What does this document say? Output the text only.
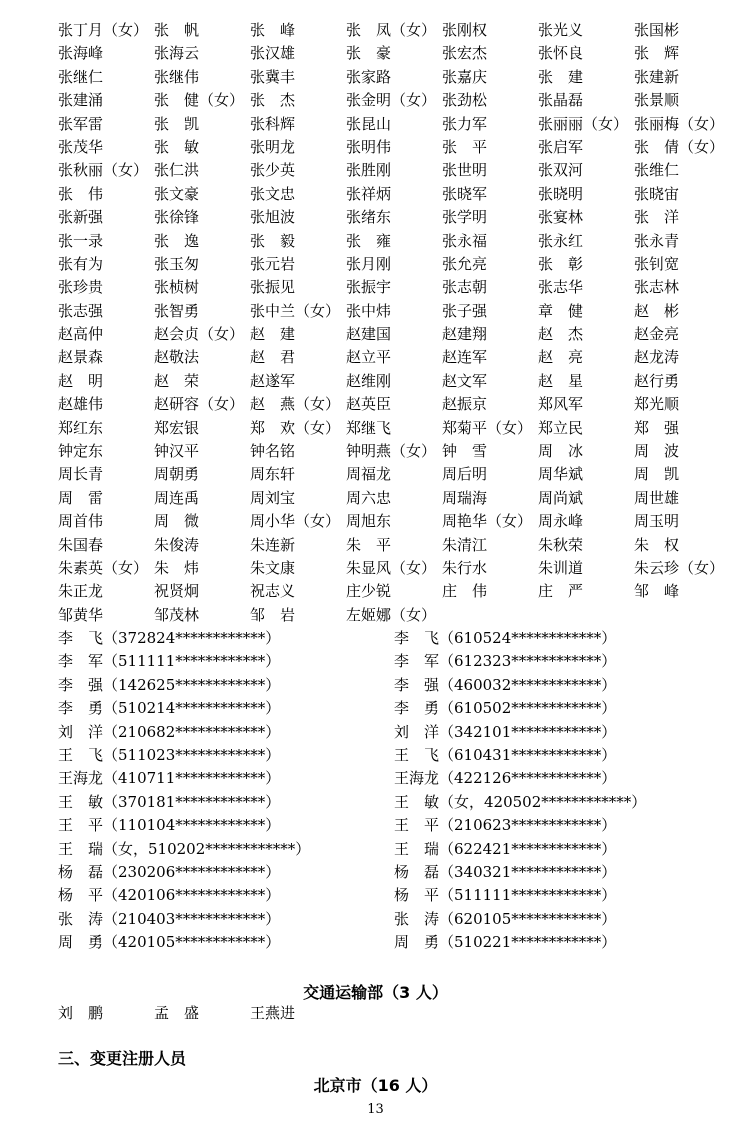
张丁月（女） 张　帆	张　峰	张　凤（女） 张刚权	张光义	张国彬
张海峰	张海云	张汉雄	张　豪	张宏杰	张怀良	张　辉
张继仁	张继伟	张冀丰	张家路	张嘉庆	张　建	张建新
张建涌	张　健（女） 张　杰	张金明（女） 张劲松	张晶磊	张景顺
张军雷	张　凯	张科辉	张昆山	张力军	张丽丽（女） 张丽梅（女）
张茂华	张　敏	张明龙	张明伟	张　平	张启军	张　倩（女）
张秋丽（女） 张仁洪	张少英	张胜刚	张世明	张双河	张维仁
张　伟	张文豪	张文忠	张祥炳	张晓军	张晓明	张晓宙
张新强	张徐锋	张旭波	张绪东	张学明	张宴林	张　洋
张一录	张　逸	张　毅	张　雍	张永福	张永红	张永青
张有为	张玉匆	张元岩	张月刚	张允亮	张　彰	张钊宽
张珍贵	张桢树	张振见	张振宇	张志朝	张志华	张志林
张志强	张智勇	张中兰（女） 张中炜	张子强	章　健	赵　彬
赵高仲	赵会贞（女） 赵　建	赵建国	赵建翔	赵　杰	赵金亮
赵景森	赵敬法	赵　君	赵立平	赵连军	赵　亮	赵龙涛
赵　明	赵　荣	赵遂军	赵维刚	赵文军	赵　星	赵行勇
赵雄伟	赵研容（女） 赵　燕（女） 赵英臣	赵振京	郑风军	郑光顺
郑红东	郑宏银	郑　欢（女） 郑继飞	郑菊平（女） 郑立民	郑　强
钟定东	钟汉平	钟名铭	钟明燕（女） 钟　雪	周　冰	周　波
周长青	周朝勇	周东轩	周福龙	周后明	周华斌	周　凯
周　雷	周连禹	周刘宝	周六忠	周瑞海	周尚斌	周世雄
周首伟	周　微	周小华（女） 周旭东	周艳华（女） 周永峰	周玉明
朱国春	朱俊涛	朱连新	朱　平	朱清江	朱秋荣	朱　权
朱素英（女） 朱　炜	朱文康	朱显风（女） 朱行水	朱训道	朱云珍（女）
朱正龙	祝贤炯	祝志义	庄少锐	庄　伟	庄　严	邹　峰
邹黄华	邹茂林	邹　岩	左姬娜（女）
李　飞（372824************）	李　飞（610524************）
李　军（511111************）	李　军（612323************）
李　强（142625************）	李　强（460032************）
李　勇（510214************）	李　勇（610502************）
刘　洋（210682************）	刘　洋（342101************）
王　飞（511023************）	王　飞（610431************）
王海龙（410711************）	王海龙（422126************）
王　敏（370181************）	王　敏（女，420502************）
王　平（110104************）	王　平（210623************）
王　瑞（女，510202************）	王　瑞（622421************）
杨　磊（230206************）	杨　磊（340321************）
杨　平（420106************）	杨　平（511111************）
张　涛（210403************）	张　涛（620105************）
周　勇（420105************）	周　勇（510221************）
交通运输部（3 人）
刘　鹏	孟　盛	王燕进
三、变更注册人员
北京市（16 人）
13
